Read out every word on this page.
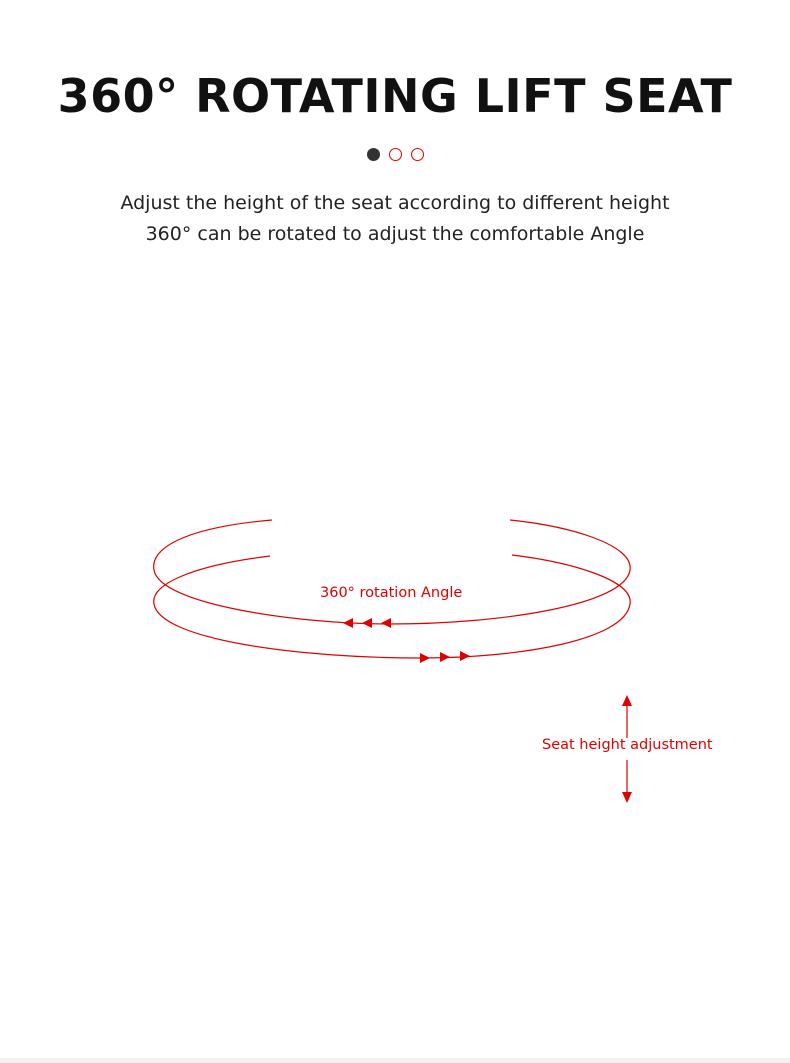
360° ROTATING LIFT SEAT

Adjust the height of the seat according to different height

360° can be rotated to adjust the comfortable Angle

360° rotation Angle
Seat height adjustment
